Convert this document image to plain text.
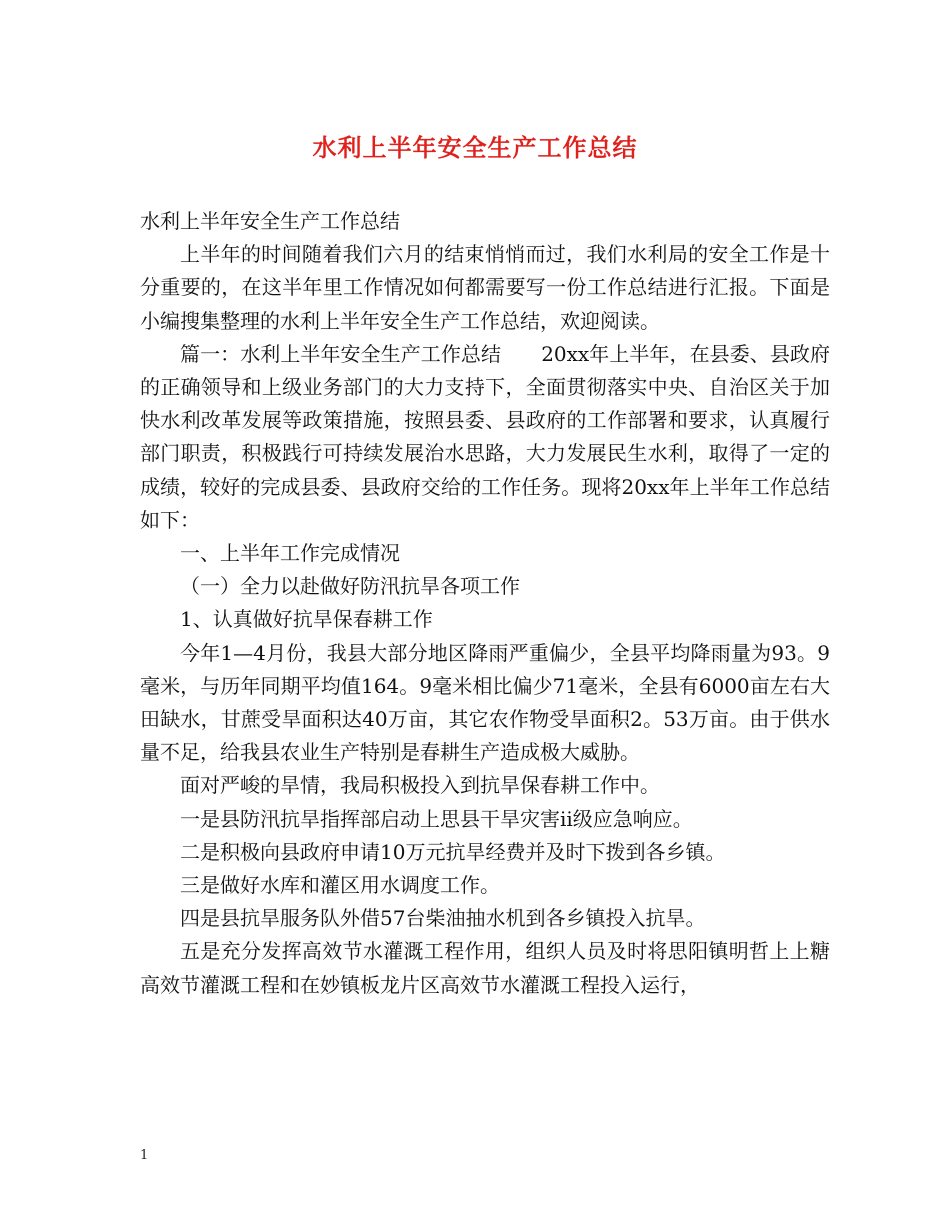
水利上半年安全生产工作总结

水利上半年安全生产工作总结

上半年的时间随着我们六月的结束悄悄而过，我们水利局的安全工作是十分重要的，在这半年里工作情况如何都需要写一份工作总结进行汇报。下面是小编搜集整理的水利上半年安全生产工作总结，欢迎阅读。

篇一：水利上半年安全生产工作总结　　20xx年上半年，在县委、县政府的正确领导和上级业务部门的大力支持下，全面贯彻落实中央、自治区关于加快水利改革发展等政策措施，按照县委、县政府的工作部署和要求，认真履行部门职责，积极践行可持续发展治水思路，大力发展民生水利，取得了一定的成绩，较好的完成县委、县政府交给的工作任务。现将20xx年上半年工作总结如下：

一、上半年工作完成情况

（一）全力以赴做好防汛抗旱各项工作

1、认真做好抗旱保春耕工作

今年1—4月份，我县大部分地区降雨严重偏少，全县平均降雨量为93。9毫米，与历年同期平均值164。9毫米相比偏少71毫米，全县有6000亩左右大田缺水，甘蔗受旱面积达40万亩，其它农作物受旱面积2。53万亩。由于供水量不足，给我县农业生产特别是春耕生产造成极大威胁。

面对严峻的旱情，我局积极投入到抗旱保春耕工作中。

一是县防汛抗旱指挥部启动上思县干旱灾害ii级应急响应。

二是积极向县政府申请10万元抗旱经费并及时下拨到各乡镇。

三是做好水库和灌区用水调度工作。

四是县抗旱服务队外借57台柴油抽水机到各乡镇投入抗旱。

五是充分发挥高效节水灌溉工程作用，组织人员及时将思阳镇明哲上上糖高效节灌溉工程和在妙镇板龙片区高效节水灌溉工程投入运行，

1
